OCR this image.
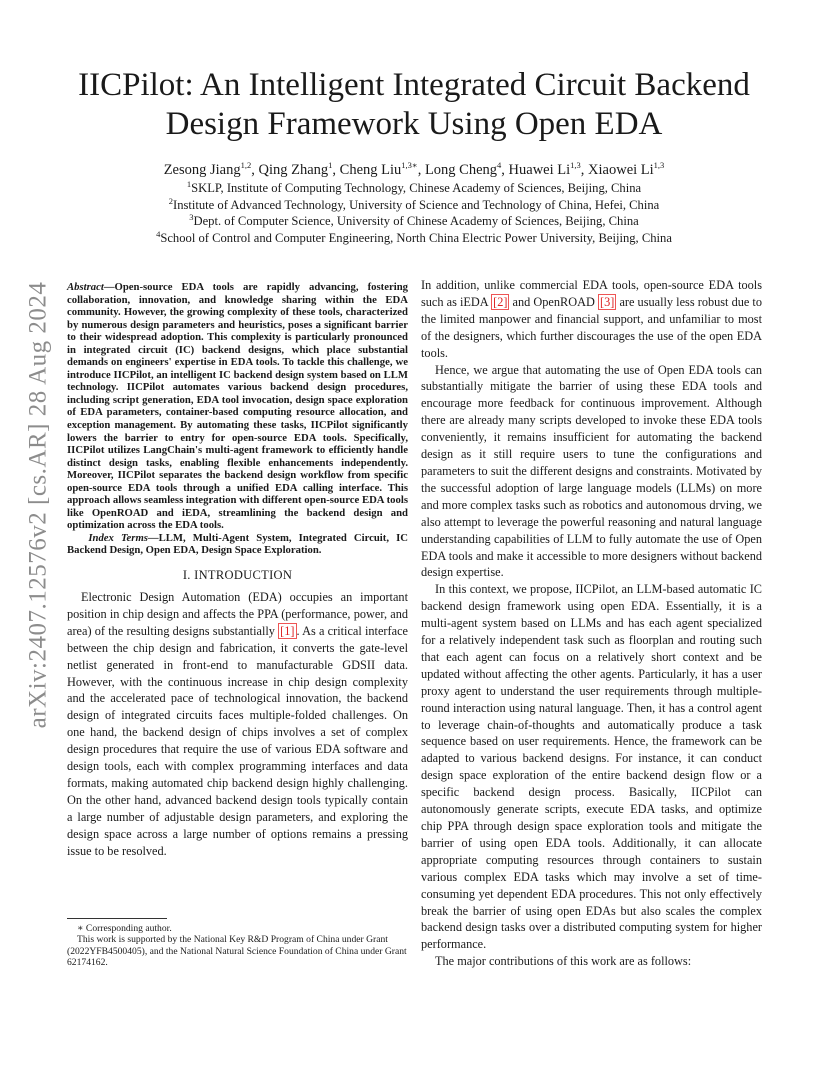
arXiv:2407.12576v2 [cs.AR] 28 Aug 2024
IICPilot: An Intelligent Integrated Circuit Backend
Design Framework Using Open EDA
Zesong Jiang$^{1,2}$, Qing Zhang$^1$, Cheng Liu$^{1,3∗}$, Long Cheng$^4$, Huawei Li$^{1,3}$, Xiaowei Li$^{1,3}$
$^1$SKLP, Institute of Computing Technology, Chinese Academy of Sciences, Beijing, China
$^2$Institute of Advanced Technology, University of Science and Technology of China, Hefei, China
$^3$Dept. of Computer Science, University of Chinese Academy of Sciences, Beijing, China
$^4$School of Control and Computer Engineering, North China Electric Power University, Beijing, China

Abstract—Open-source EDA tools are rapidly advancing, fostering collaboration, innovation, and knowledge sharing within the EDA community. However, the growing complexity of these tools, characterized by numerous design parameters and heuristics, poses a significant barrier to their widespread adoption. This complexity is particularly pronounced in integrated circuit (IC) backend designs, which place substantial demands on engineers' expertise in EDA tools. To tackle this challenge, we introduce IICPilot, an intelligent IC backend design system based on LLM technology. IICPilot automates various backend design procedures, including script generation, EDA tool invocation, design space exploration of EDA parameters, container-based computing resource allocation, and exception management. By automating these tasks, IICPilot significantly lowers the barrier to entry for open-source EDA tools. Specifically, IICPilot utilizes LangChain's multi-agent framework to efficiently handle distinct design tasks, enabling flexible enhancements independently. Moreover, IICPilot separates the backend design workflow from specific open-source EDA tools through a unified EDA calling interface. This approach allows seamless integration with different open-source EDA tools like OpenROAD and iEDA, streamlining the backend design and optimization across the EDA tools.

Index Terms—LLM, Multi-Agent System, Integrated Circuit, IC Backend Design, Open EDA, Design Space Exploration.

I. INTRODUCTION

Electronic Design Automation (EDA) occupies an important position in chip design and affects the PPA (performance, power, and area) of the resulting designs substantially [1] . As a critical interface between the chip design and fabrication, it converts the gate-level netlist generated in front-end to manufacturable GDSII data. However, with the continuous increase in chip design complexity and the accelerated pace of technological innovation, the backend design of integrated circuits faces multiple-folded challenges. On one hand, the backend design of chips involves a set of complex design procedures that require the use of various EDA software and design tools, each with complex programming interfaces and data formats, making automated chip backend design highly challenging. On the other hand, advanced backend design tools typically contain a large number of adjustable design parameters, and exploring the design space across a large number of options remains a pressing issue to be resolved.

∗ Corresponding author.

This work is supported by the National Key R&D Program of China under Grant (2022YFB4500405), and the National Natural Science Foundation of China under Grant 62174162.

In addition, unlike commercial EDA tools, open-source EDA tools such as iEDA [2] and OpenROAD [3] are usually less robust due to the limited manpower and financial support, and unfamiliar to most of the designers, which further discourages the use of the open EDA tools.

Hence, we argue that automating the use of Open EDA tools can substantially mitigate the barrier of using these EDA tools and encourage more feedback for continuous improvement. Although there are already many scripts developed to invoke these EDA tools conveniently, it remains insufficient for automating the backend design as it still require users to tune the configurations and parameters to suit the different designs and constraints. Motivated by the successful adoption of large language models (LLMs) on more and more complex tasks such as robotics and autonomous drving, we also attempt to leverage the powerful reasoning and natural language understanding capabilities of LLM to fully automate the use of Open EDA tools and make it accessible to more designers without backend design expertise.

In this context, we propose, IICPilot, an LLM-based automatic IC backend design framework using open EDA. Essentially, it is a multi-agent system based on LLMs and has each agent specialized for a relatively independent task such as floorplan and routing such that each agent can focus on a relatively short context and be updated without affecting the other agents. Particularly, it has a user proxy agent to understand the user requirements through multiple-round interaction using natural language. Then, it has a control agent to leverage chain-of-thoughts and automatically produce a task sequence based on user requirements. Hence, the framework can be adapted to various backend designs. For instance, it can conduct design space exploration of the entire backend design flow or a specific backend design process. Basically, IICPilot can autonomously generate scripts, execute EDA tasks, and optimize chip PPA through design space exploration tools and mitigate the barrier of using open EDA tools. Additionally, it can allocate appropriate computing resources through containers to sustain various complex EDA tasks which may involve a set of time-consuming yet dependent EDA procedures. This not only effectively break the barrier of using open EDAs but also scales the complex backend design tasks over a distributed computing system for higher performance.

The major contributions of this work are as follows:
